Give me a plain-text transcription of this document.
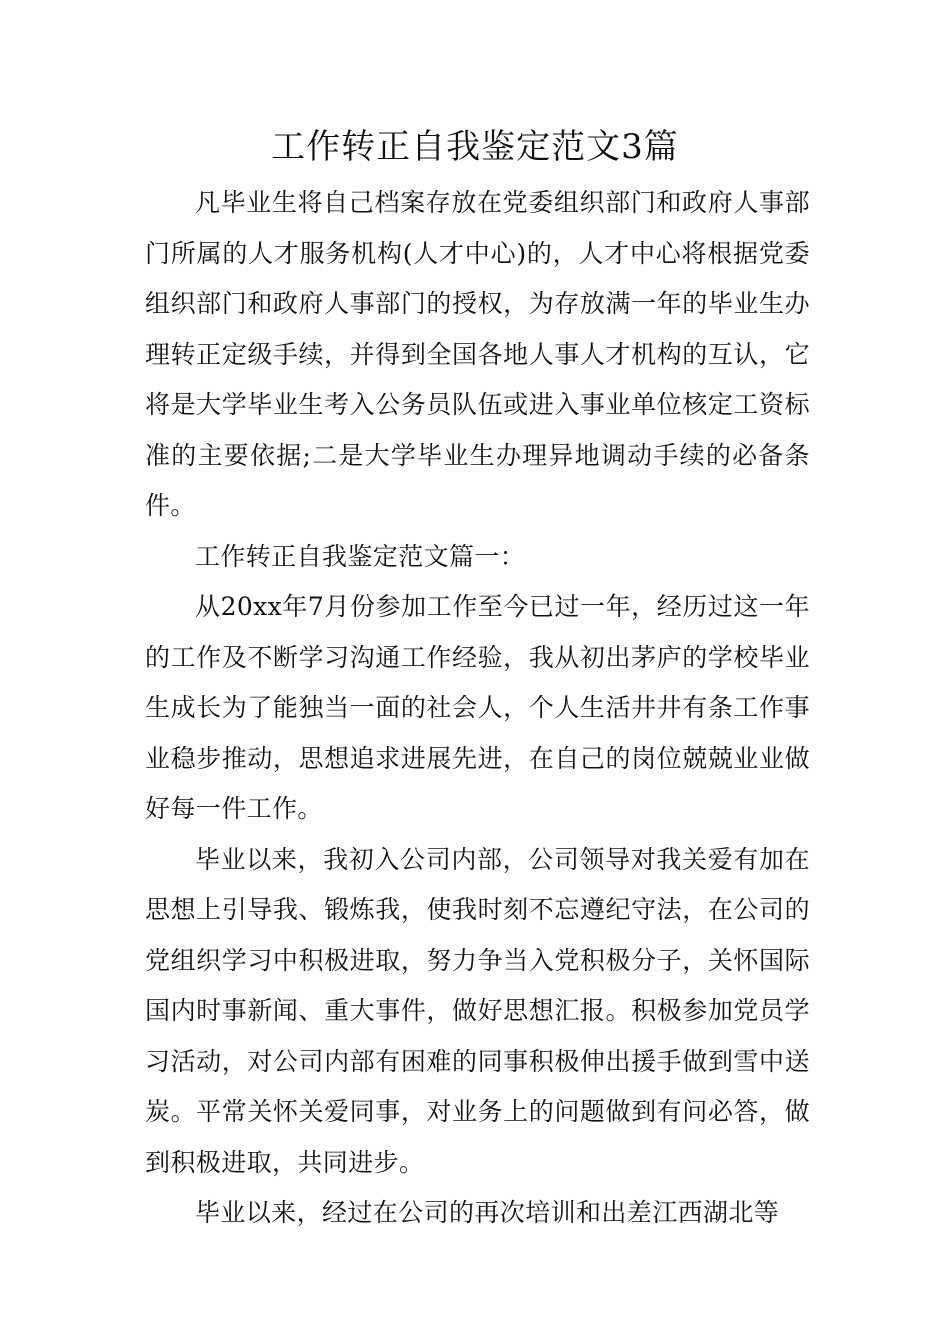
工作转正自我鉴定范文3篇

凡毕业生将自己档案存放在党委组织部门和政府人事部门所属的人才服务机构(人才中心)的，人才中心将根据党委组织部门和政府人事部门的授权，为存放满一年的毕业生办理转正定级手续，并得到全国各地人事人才机构的互认，它将是大学毕业生考入公务员队伍或进入事业单位核定工资标准的主要依据;二是大学毕业生办理异地调动手续的必备条件。

工作转正自我鉴定范文篇一：

从20xx年7月份参加工作至今已过一年，经历过这一年的工作及不断学习沟通工作经验，我从初出茅庐的学校毕业生成长为了能独当一面的社会人，个人生活井井有条工作事业稳步推动，思想追求进展先进，在自己的岗位兢兢业业做好每一件工作。

毕业以来，我初入公司内部，公司领导对我关爱有加在思想上引导我、锻炼我，使我时刻不忘遵纪守法，在公司的党组织学习中积极进取，努力争当入党积极分子，关怀国际国内时事新闻、重大事件，做好思想汇报。积极参加党员学习活动，对公司内部有困难的同事积极伸出援手做到雪中送炭。平常关怀关爱同事，对业务上的问题做到有问必答，做到积极进取，共同进步。

毕业以来，经过在公司的再次培训和出差江西湖北等
